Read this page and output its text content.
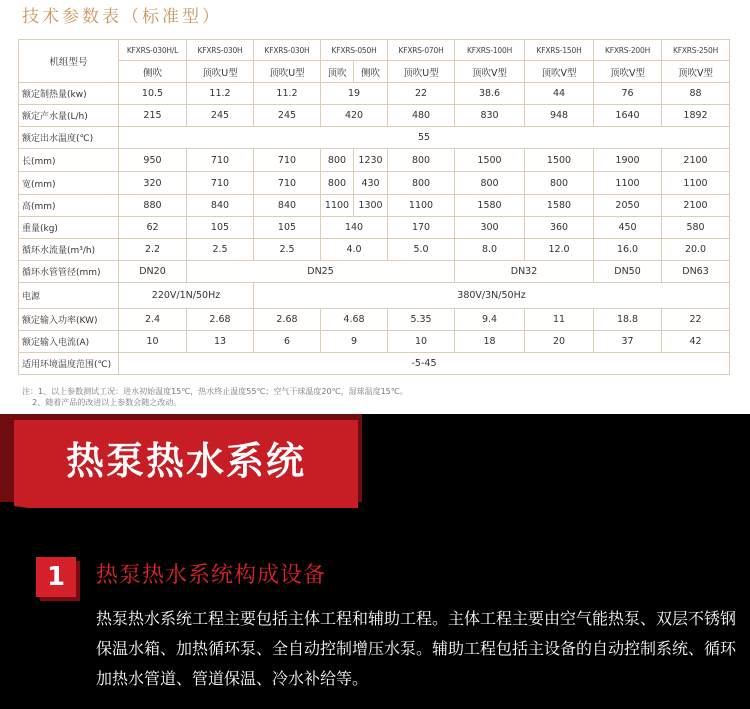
技术参数表（标准型）
机组型号	KFXRS-030H/L	KFXRS-030H	KFXRS-030H	KFXRS-050H		KFXRS-070H	KFXRS-100H	KFXRS-150H	KFXRS-200H	KFXRS-250H
	侧吹	顶吹U型	顶吹U型	顶吹	侧吹	顶吹U型	顶吹V型	顶吹V型	顶吹V型	顶吹V型
额定制热量(kw)	10.5	11.2	11.2	19		22	38.6	44	76	88
额定产水量(L/h)	215	245	245	420		480	830	948	1640	1892
额定出水温度(℃)	55									
长(mm)	950	710	710	800	1230	800	1500	1500	1900	2100
宽(mm)	320	710	710	800	430	800	800	800	1100	1100
高(mm)	880	840	840	1100	1300	1100	1580	1580	2050	2100
重量(kg)	62	105	105	140		170	300	360	450	580
循环水流量(m³/h)	2.2	2.5	2.5	4.0		5.0	8.0	12.0	16.0	20.0
循环水管管径(mm)	DN20	DN25					DN32		DN50	DN63
电源	220V/1N/50Hz		380V/3N/50Hz							
额定输入功率(KW)	2.4	2.68	2.68	4.68		5.35	9.4	11	18.8	22
额定输入电流(A)	10	13	6	9		10	18	20	37	42
适用环境温度范围(℃)	-5-45									
注：1、以上参数测试工况：进水初始温度15℃，热水终止温度55℃；空气干球温度20℃，湿球温度15℃。
2、随着产品的改进以上参数会随之改动。
热泵热水系统
1	热泵热水系统构成设备
热泵热水系统工程主要包括主体工程和辅助工程。主体工程主要由空气能热泵、双层不锈钢保温水箱、加热循环泵、全自动控制增压水泵。辅助工程包括主设备的自动控制系统、循环加热水管道、管道保温、冷水补给等。
